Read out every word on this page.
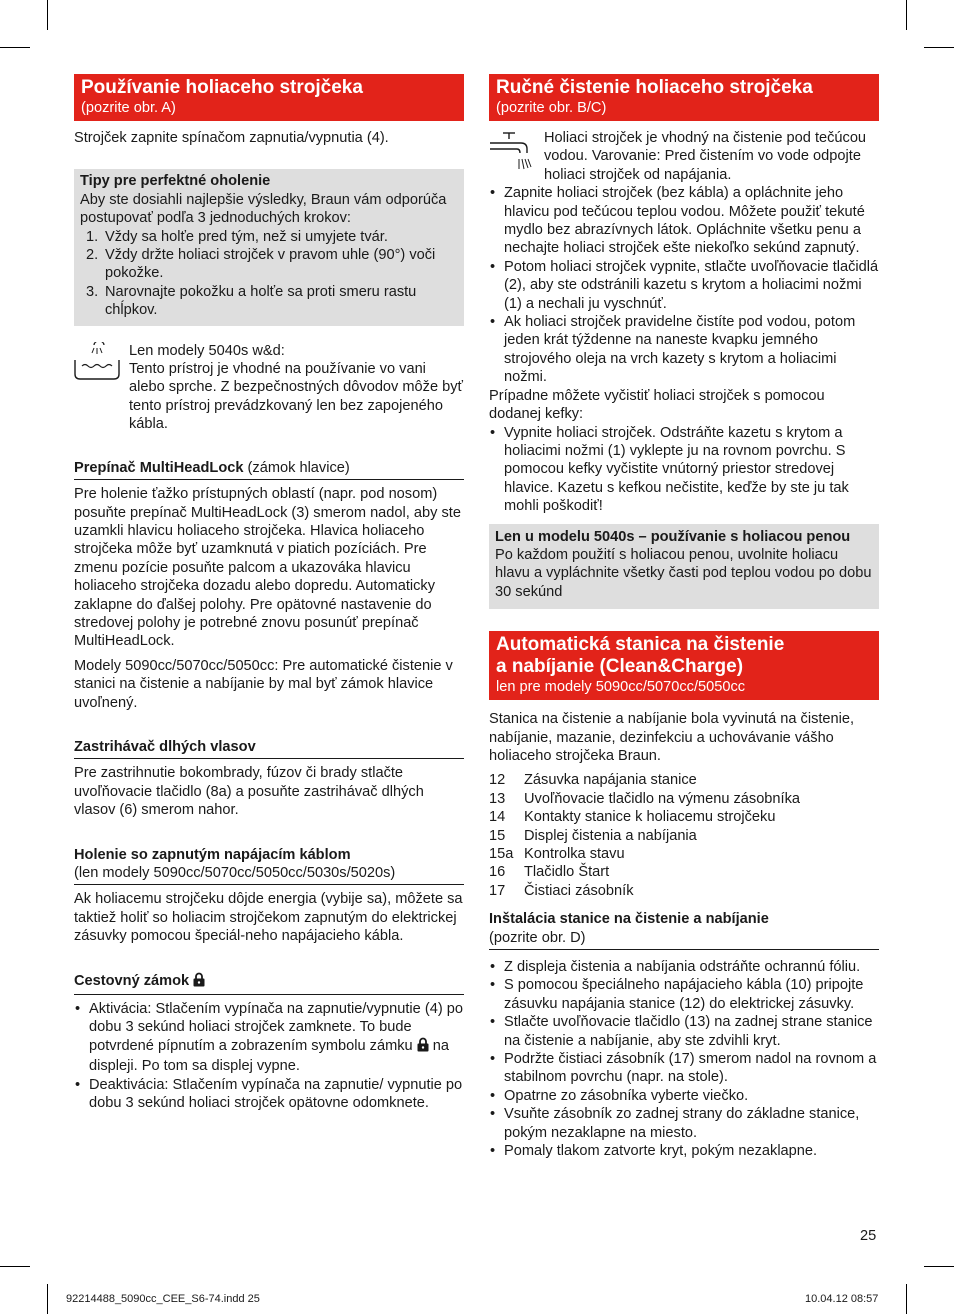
Používanie holiaceho strojčeka
(pozrite obr. A)

Strojček zapnite spínačom zapnutia/vypnutia (4).

Tipy pre perfektné oholenie

Aby ste dosiahli najlepšie výsledky, Braun vám odporúča postupovať podľa 3 jednoduchých krokov:

1. Vždy sa holťe pred tým, než si umyjete tvár.
2. Vždy držte holiaci strojček v pravom uhle (90°) voči pokožke.
3. Narovnajte pokožku a holťe sa proti smeru rastu chĺpkov.

Len modely 5040s w&d:

Tento prístroj je vhodné na používanie vo vani alebo sprche. Z bezpečnostných dôvodov môže byť tento prístroj prevádzkovaný len bez zapojeného kábla.

Prepínač MultiHeadLock (zámok hlavice)

Pre holenie ťažko prístupných oblastí (napr. pod nosom) posuňte prepínač MultiHeadLock (3) smerom nadol, aby ste uzamkli hlavicu holiaceho strojčeka. Hlavica holiaceho strojčeka môže byť uzamknutá v piatich pozíciách. Pre zmenu pozície posuňte palcom a ukazováka hlavicu holiaceho strojčeka dozadu alebo dopredu. Automaticky zaklapne do ďalšej polohy. Pre opätovné nastavenie do stredovej polohy je potrebné znovu posunúť prepínač MultiHeadLock.

Modely 5090cc/5070cc/5050cc: Pre automatické čistenie v stanici na čistenie a nabíjanie by mal byť zámok hlavice uvoľnený.

Zastrihávač dlhých vlasov

Pre zastrihnutie bokombrady, fúzov či brady stlačte uvoľňovacie tlačidlo (8a) a posuňte zastrihávač dlhých vlasov (6) smerom nahor.

Holenie so zapnutým napájacím káblom
(len modely 5090cc/5070cc/5050cc/5030s/5020s)

Ak holiacemu strojčeku dôjde energia (vybije sa), môžete sa taktiež holiť so holiacim strojčekom zapnutým do elektrickej zásuvky pomocou špeciál-neho napájacieho kábla.

Cestovný zámok
• Aktivácia: Stlačením vypínača na zapnutie/vypnutie (4) po dobu 3 sekúnd holiaci strojček zamknete. To bude potvrdené pípnutím a zobrazením symbolu zámku  na displeji. Po tom sa displej vypne.
• Deaktivácia: Stlačením vypínača na zapnutie/ vypnutie po dobu 3 sekúnd holiaci strojček opätovne odomknete.
Ručné čistenie holiaceho strojčeka
(pozrite obr. B/C)

Holiaci strojček je vhodný na čistenie pod tečúcou vodou. Varovanie: Pred čistením vo vode odpojte holiaci strojček od napájania.

• Zapnite holiaci strojček (bez kábla) a opláchnite jeho hlavicu pod tečúcou teplou vodou. Môžete použiť tekuté mydlo bez abrazívnych látok. Opláchnite všetku penu a nechajte holiaci strojček ešte niekoľko sekúnd zapnutý.
• Potom holiaci strojček vypnite, stlačte uvoľňovacie tlačidlá (2), aby ste odstránili kazetu s krytom a holiacimi nožmi (1) a nechali ju vyschnúť.
• Ak holiaci strojček pravidelne čistíte pod vodou, potom jeden krát týždenne na naneste kvapku jemného strojového oleja na vrch kazety s krytom a holiacimi nožmi.

Prípadne môžete vyčistiť holiaci strojček s pomocou dodanej kefky:

• Vypnite holiaci strojček. Odstráňte kazetu s krytom a holiacimi nožmi (1) vyklepte ju na rovnom povrchu. S pomocou kefky vyčistite vnútorný priestor stredovej hlavice. Kazetu s kefkou nečistite, keďže by ste ju tak mohli poškodiť!
Len u modelu 5040s – používanie s holiacou penou

Po každom použití s holiacou penou, uvolnite holiacu hlavu a vypláchnite všetky časti pod teplou vodou po dobu 30 sekúnd

Automatická stanica na čistenie
a nabíjanie (Clean&Charge)
len pre modely 5090cc/5070cc/5050cc

Stanica na čistenie a nabíjanie bola vyvinutá na čistenie, nabíjanie, mazanie, dezinfekciu a uchovávanie vášho holiaceho strojčeka Braun.

12	Zásuvka napájania stanice
13	Uvoľňovacie tlačidlo na výmenu zásobníka
14	Kontakty stanice k holiacemu strojčeku
15	Displej čistenia a nabíjania
15a Kontrolka stavu
16	Tlačidlo Štart
17	Čistiaci zásobník
Inštalácia stanice na čistenie a nabíjanie
(pozrite obr. D)
• Z displeja čistenia a nabíjania odstráňte ochrannú fóliu.
• S pomocou špeciálneho napájacieho kábla (10) pripojte zásuvku napájania stanice (12) do elektrickej zásuvky.
• Stlačte uvoľňovacie tlačidlo (13) na zadnej strane stanice na čistenie a nabíjanie, aby ste zdvihli kryt.
• Podržte čistiaci zásobník (17) smerom nadol na rovnom a stabilnom povrchu (napr. na stole).
• Opatrne zo zásobníka vyberte viečko.
• Vsuňte zásobník zo zadnej strany do základne stanice, pokým nezaklapne na miesto.
• Pomaly tlakom zatvorte kryt, pokým nezaklapne.
25
92214488_5090cc_CEE_S6-74.indd 25	10.04.12 08:57
